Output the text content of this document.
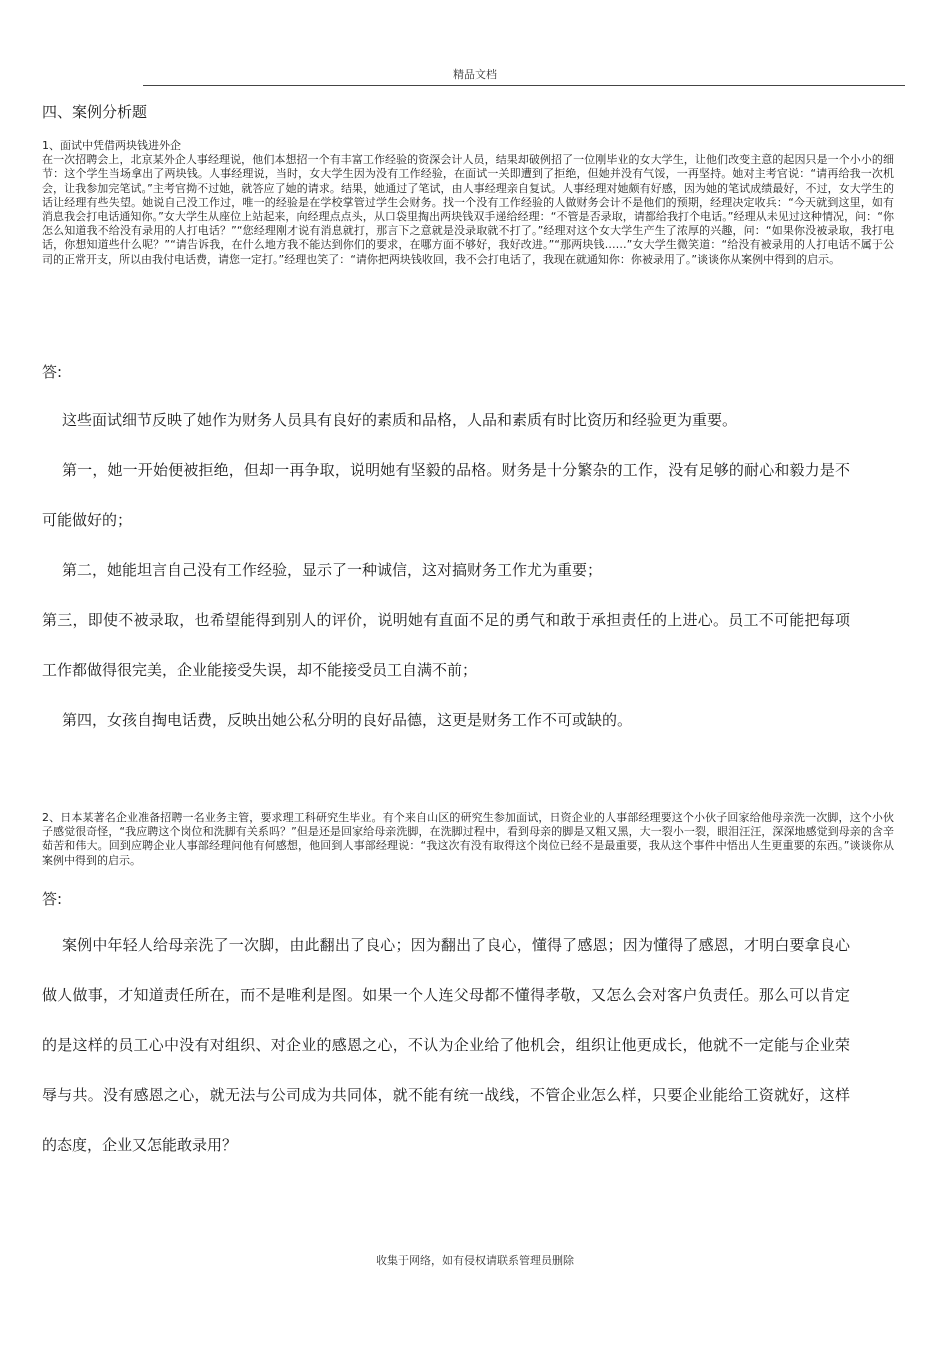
精品文档
四、案例分析题

1、面试中凭借两块钱进外企

在一次招聘会上，北京某外企人事经理说，他们本想招一个有丰富工作经验的资深会计人员，结果却破例招了一位刚毕业的女大学生，让他们改变主意的起因只是一个小小的细节：这个学生当场拿出了两块钱。人事经理说，当时，女大学生因为没有工作经验，在面试一关即遭到了拒绝，但她并没有气馁，一再坚持。她对主考官说：“请再给我一次机会，让我参加完笔试。”主考官拗不过她，就答应了她的请求。结果，她通过了笔试，由人事经理亲自复试。人事经理对她颇有好感，因为她的笔试成绩最好，不过，女大学生的话让经理有些失望。她说自己没工作过，唯一的经验是在学校掌管过学生会财务。找一个没有工作经验的人做财务会计不是他们的预期，经理决定收兵：“今天就到这里，如有消息我会打电话通知你。”女大学生从座位上站起来，向经理点点头，从口袋里掏出两块钱双手递给经理：“不管是否录取，请都给我打个电话。”经理从未见过这种情况，问：“你怎么知道我不给没有录用的人打电话？”“您经理刚才说有消息就打，那言下之意就是没录取就不打了。”经理对这个女大学生产生了浓厚的兴趣，问：“如果你没被录取，我打电话，你想知道些什么呢？”“请告诉我，在什么地方我不能达到你们的要求，在哪方面不够好，我好改进。”“那两块钱……”女大学生微笑道：“给没有被录用的人打电话不属于公司的正常开支，所以由我付电话费，请您一定打。”经理也笑了：“请你把两块钱收回，我不会打电话了，我现在就通知你：你被录用了。”谈谈你从案例中得到的启示。

答:

这些面试细节反映了她作为财务人员具有良好的素质和品格，人品和素质有时比资历和经验更为重要。

第一，她一开始便被拒绝，但却一再争取，说明她有坚毅的品格。财务是十分繁杂的工作，没有足够的耐心和毅力是不可能做好的；

第二，她能坦言自己没有工作经验，显示了一种诚信，这对搞财务工作尤为重要；

第三，即使不被录取，也希望能得到别人的评价，说明她有直面不足的勇气和敢于承担责任的上进心。员工不可能把每项工作都做得很完美，企业能接受失误，却不能接受员工自满不前；

第四，女孩自掏电话费，反映出她公私分明的良好品德，这更是财务工作不可或缺的。

2、日本某著名企业准备招聘一名业务主管，要求理工科研究生毕业。有个来自山区的研究生参加面试，日资企业的人事部经理要这个小伙子回家给他母亲洗一次脚，这个小伙子感觉很奇怪，“我应聘这个岗位和洗脚有关系吗？”但是还是回家给母亲洗脚，在洗脚过程中，看到母亲的脚是又粗又黑，大一裂小一裂，眼泪汪汪，深深地感觉到母亲的含辛茹苦和伟大。回到应聘企业人事部经理问他有何感想，他回到人事部经理说：“我这次有没有取得这个岗位已经不是最重要，我从这个事件中悟出人生更重要的东西。”谈谈你从案例中得到的启示。

答:

案例中年轻人给母亲洗了一次脚，由此翻出了良心；因为翻出了良心，懂得了感恩；因为懂得了感恩，才明白要拿良心做人做事，才知道责任所在，而不是唯利是图。如果一个人连父母都不懂得孝敬，又怎么会对客户负责任。那么可以肯定的是这样的员工心中没有对组织、对企业的感恩之心，不认为企业给了他机会，组织让他更成长，他就不一定能与企业荣辱与共。没有感恩之心，就无法与公司成为共同体，就不能有统一战线，不管企业怎么样，只要企业能给工资就好，这样的态度，企业又怎能敢录用？

收集于网络，如有侵权请联系管理员删除
